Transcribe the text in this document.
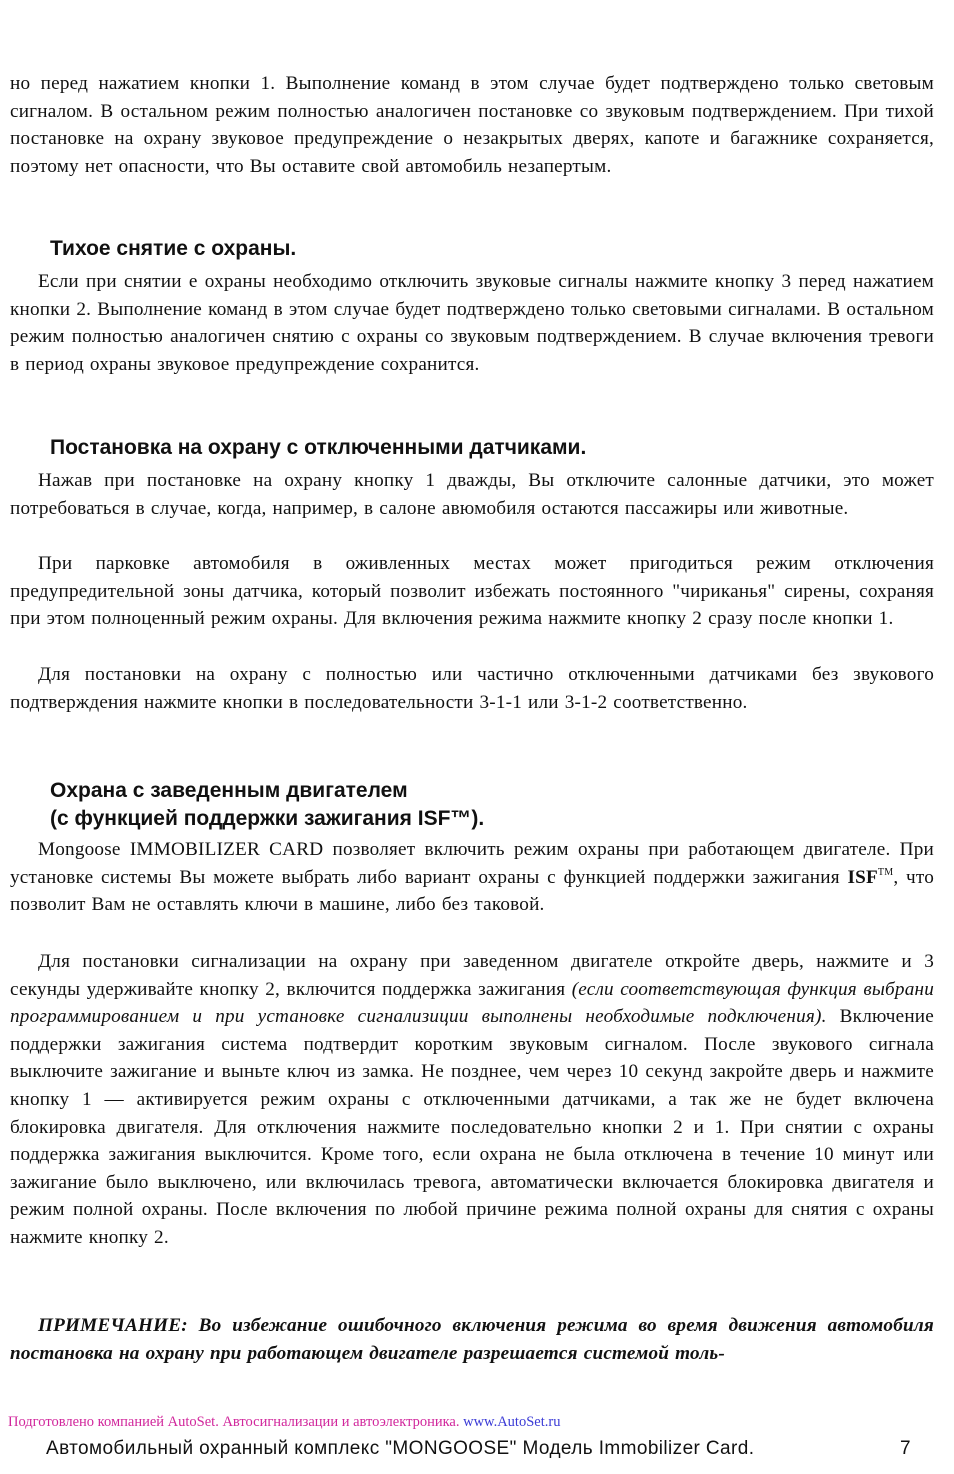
но перед нажатием кнопки 1. Выполнение команд в этом случае будет подтверждено только световым сигналом. В остальном режим полностью аналогичен постановке со звуковым подтверждением. При тихой постановке на охрану звуковое предупреждение о незакрытых дверях, капоте и багажнике сохраняется, поэтому нет опасности, что Вы оставите свой автомобиль незапертым.

Тихое снятие с охраны.

Если при снятии е охраны необходимо отключить звуковые сигналы нажмите кнопку 3 перед нажатием кнопки 2. Выполнение команд в этом случае будет подтверждено только световыми сигналами. В остальном режим полностью аналогичен снятию с охраны со звуковым подтверждением. В случае включения тревоги в период охраны звуковое предупреждение сохранится.

Постановка на охрану с отключенными датчиками.

Нажав при постановке на охрану кнопку 1 дважды, Вы отключите салонные датчики, это может потребоваться в случае, когда, например, в салоне авюмобиля остаются пассажиры или животные.

При парковке автомобиля в оживленных местах может пригодиться режим отключения предупредительной зоны датчика, который позволит избежать постоянного "чириканья" сирены, сохраняя при этом полноценный режим охраны. Для включения режима нажмите кнопку 2 сразу после кнопки 1.

Для постановки на охрану с полностью или частично отключенными датчиками без звукового подтверждения нажмите кнопки в последовательности 3-1-1 или 3-1-2 соответственно.

Охрана с заведенным двигателем
(с функцией поддержки зажигания ISF™).

Mongoose IMMOBILIZER CARD позволяет включить режим охраны при работающем двигателе. При установке системы Вы можете выбрать либо вариант охраны с функцией поддержки зажигания ISF™, что позволит Вам не оставлять ключи в машине, либо без таковой.

Для постановки сигнализации на охрану при заведенном двигателе откройте дверь, нажмите и 3 секунды удерживайте кнопку 2, включится поддержка зажигания (если соответствующая функция выбрани программированием и при установке сигнализиции выполнены необходимые подключения). Включение поддержки зажигания система подтвердит коротким звуковым сигналом. После звукового сигнала выключите зажигание и выньте ключ из замка. Не позднее, чем через 10 секунд закройте дверь и нажмите кнопку 1 — активируется режим охраны с отключенными датчиками, а так же не будет включена блокировка двигателя. Для отключения нажмите последовательно кнопки 2 и 1. При снятии с охраны поддержка зажигания выключится. Кроме того, если охрана не была отключена в течение 10 минут или зажигание было выключено, или включилась тревога, автоматически включается блокировка двигателя и режим полной охраны. После включения по любой причине режима полной охраны для снятия с охраны нажмите кнопку 2.

ПРИМЕЧАНИЕ: Во избежание ошибочного включения режима во время движения автомобиля постановка на охрану при работающем двигателе разрешается системой толь-

Подготовлено компанией AutoSet. Автосигнализации и автоэлектроника. www.AutoSet.ru
Автомобильный охранный комплекс "MONGOOSE" Модель Immobilizer Card.	7
